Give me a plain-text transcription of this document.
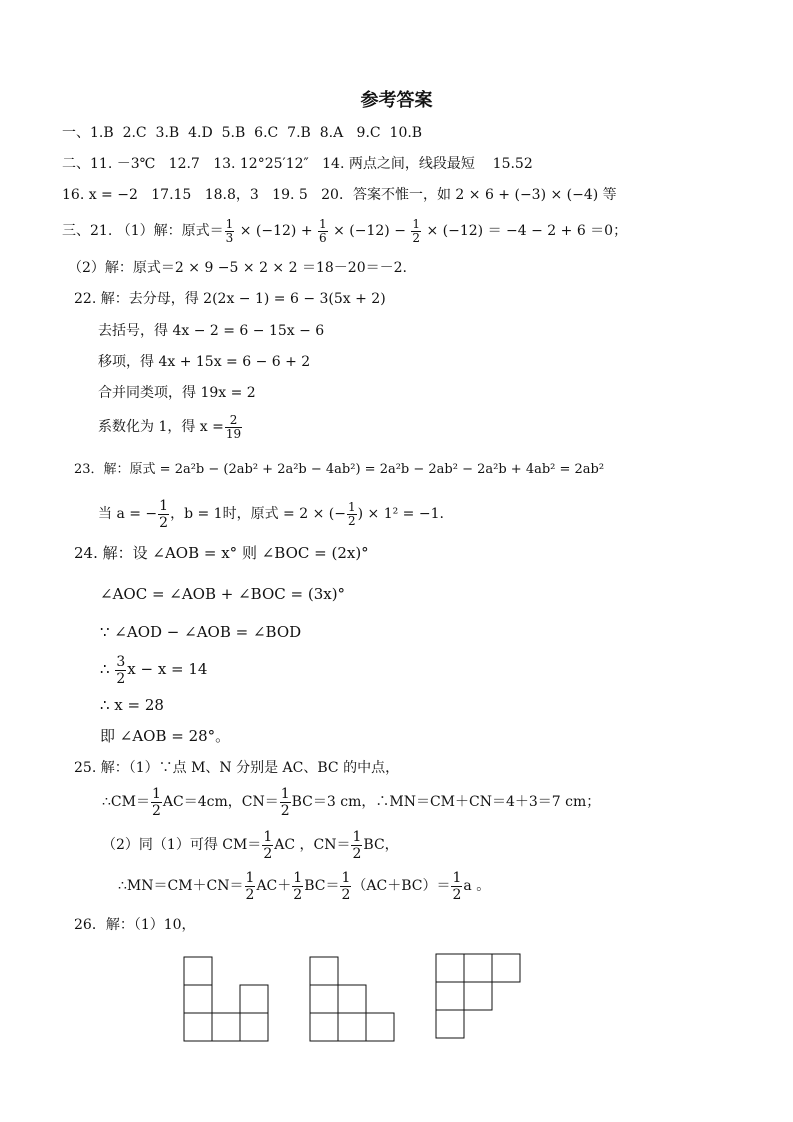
参考答案
一、1.B 2.C 3.B 4.D 5.B 6.C 7.B 8.A 9.C 10.B
二、11. －3℃ 12.7 13. 12°25′12″ 14. 两点之间，线段最短 15.52
16. x = −2 17.15 18.8，3 19. 5 20．答案不惟一，如 2 × 6 + (−3) × (−4) 等
三、21. （1）解：原式＝ $\frac{1}{3} \times (-12) + \frac{1}{6} \times (-12) - \frac{1}{2} \times (-12) = -4 - 2 + 6 =0$；
（2）解：原式＝2 × 9 −5 × 2 × 2 ＝18－20＝－2.
22. 解：去分母，得 2(2x − 1) = 6 − 3(5x + 2)
去括号，得 4x − 2 = 6 − 15x − 6
移项，得 4x + 15x = 6 − 6 + 2
合并同类项，得 19x = 2
系数化为 1，得 $x = \frac{2}{19}$
23．解：原式 = 2a²b − (2ab² + 2a²b − 4ab²) = 2a²b − 2ab² − 2a²b + 4ab² = 2ab²
当 a = − $\frac{1}{2}$ ，b = 1时，原式 = 2 × (− $\frac{1}{2}$ ) × 1² = −1.
24. 解：设 ∠AOB = x° 则 ∠BOC = (2x)°
∠AOC = ∠AOB + ∠BOC = (3x)°
∵ ∠AOD − ∠AOB = ∠BOD
∴ $\frac{3}{2}$ x − x = 14
∴ x = 28
即 ∠AOB = 28°。
25. 解：（1）∵点 M、N 分别是 AC、BC 的中点，
∴CM＝ $\frac{1}{2} AC=4cm$，$CN= \frac{1}{2} BC=3$ cm，∴MN＝CM＋CN＝4＋3＝7 cm；
（2）同（1）可得 $CM= \frac{1}{2}$ AC ，$CN= \frac{1}{2}$ BC，
∴MN＝CM＋CN＝ $\frac{1}{2} AC+ \frac{1}{2} BC= \frac{1}{2} (AC+BC)= \frac{1}{2}$ a 。
26．解：（1）10，
